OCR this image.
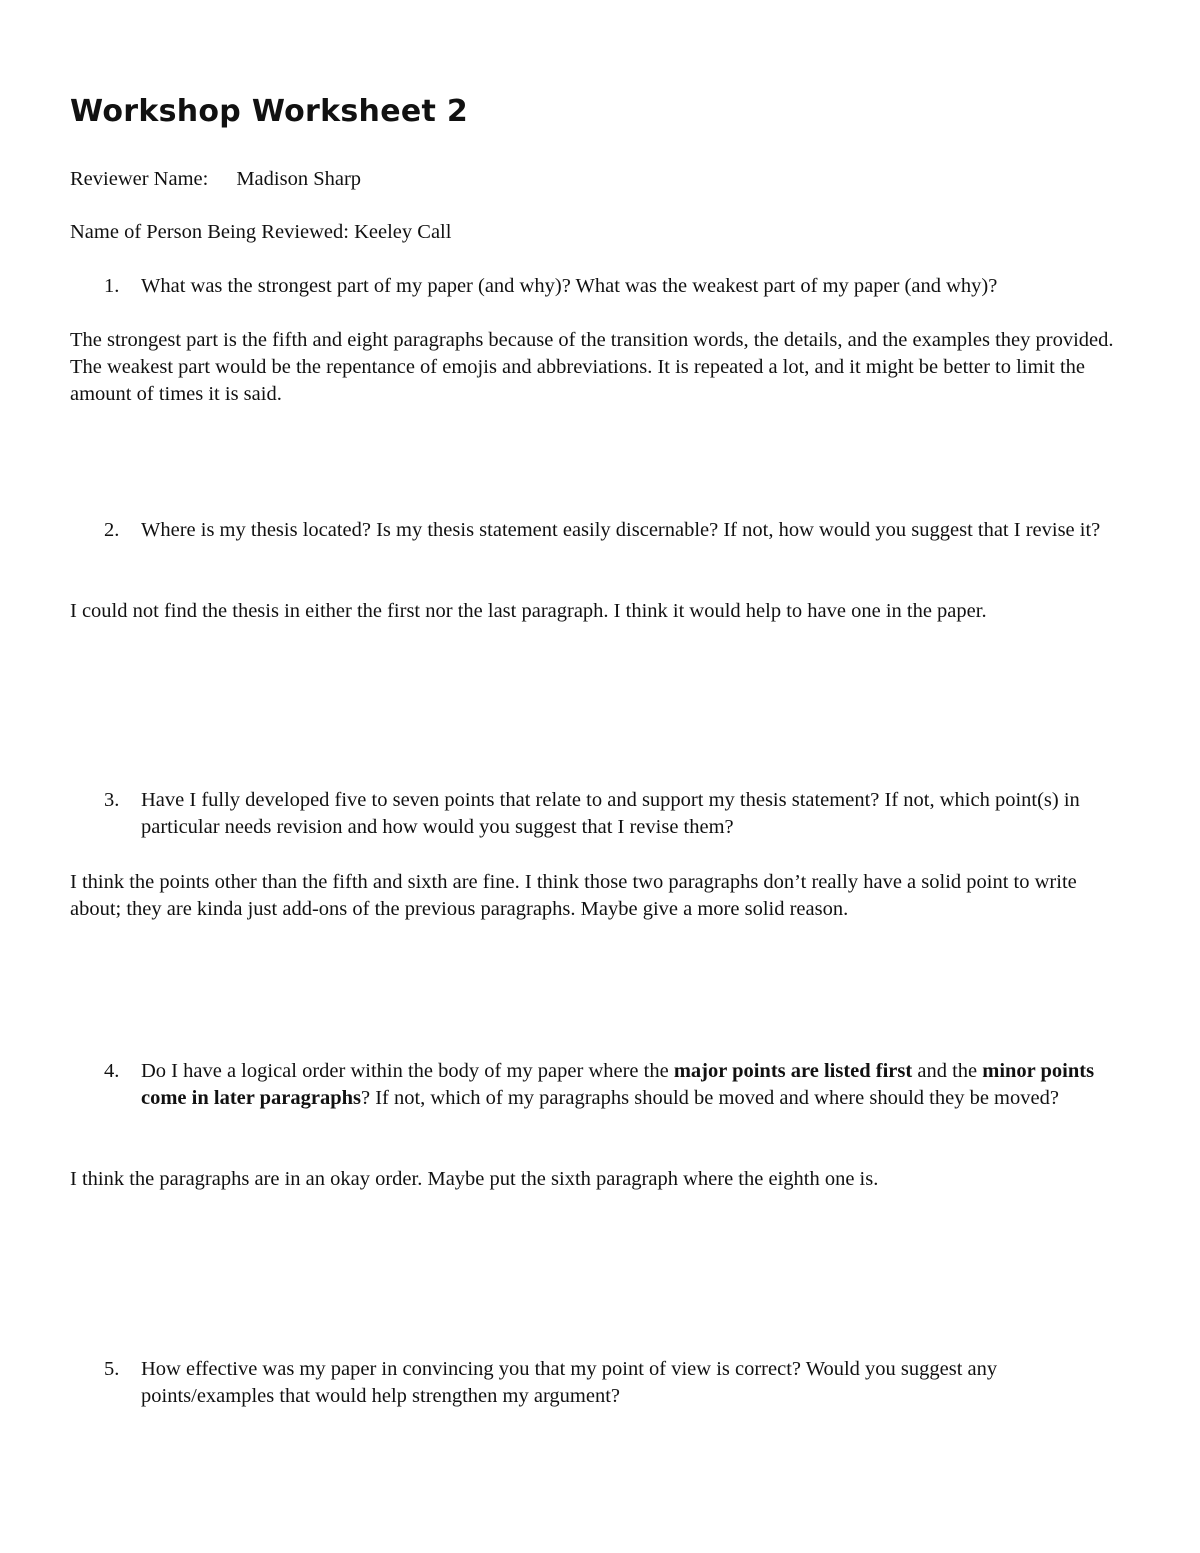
Workshop Worksheet 2

Reviewer Name: Madison Sharp

Name of Person Being Reviewed: Keeley Call

1.	What was the strongest part of my paper (and why)? What was the weakest part of my paper (and why)?

The strongest part is the fifth and eight paragraphs because of the transition words, the details, and the examples they provided. The weakest part would be the repentance of emojis and abbreviations. It is repeated a lot, and it might be better to limit the amount of times it is said.

2.	Where is my thesis located? Is my thesis statement easily discernable? If not, how would you suggest that I revise it?

I could not find the thesis in either the first nor the last paragraph. I think it would help to have one in the paper.

3.	Have I fully developed five to seven points that relate to and support my thesis statement? If not, which point(s) in particular needs revision and how would you suggest that I revise them?

I think the points other than the fifth and sixth are fine. I think those two paragraphs don’t really have a solid point to write about; they are kinda just add-ons of the previous paragraphs. Maybe give a more solid reason.

4.	Do I have a logical order within the body of my paper where the major points are listed first and the minor points come in later paragraphs? If not, which of my paragraphs should be moved and where should they be moved?

I think the paragraphs are in an okay order. Maybe put the sixth paragraph where the eighth one is.

5.	How effective was my paper in convincing you that my point of view is correct? Would you suggest any points/examples that would help strengthen my argument?
